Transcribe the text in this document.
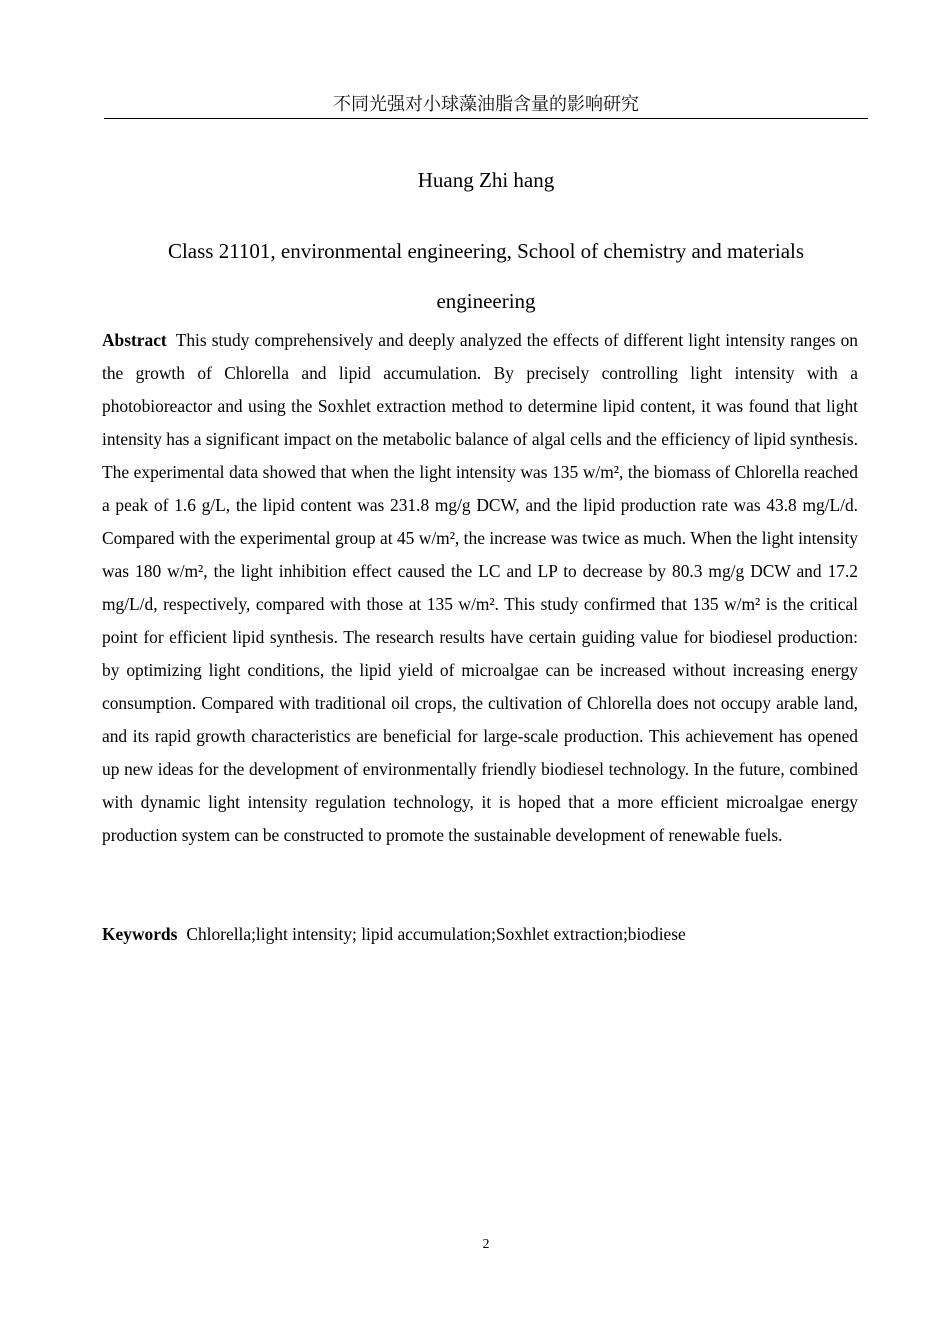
不同光强对小球藻油脂含量的影响研究
Huang Zhi hang
Class 21101, environmental engineering, School of chemistry and materials engineering
Abstract This study comprehensively and deeply analyzed the effects of different light intensity ranges on the growth of Chlorella and lipid accumulation. By precisely controlling light intensity with a photobioreactor and using the Soxhlet extraction method to determine lipid content, it was found that light intensity has a significant impact on the metabolic balance of algal cells and the efficiency of lipid synthesis. The experimental data showed that when the light intensity was 135 w/m², the biomass of Chlorella reached a peak of 1.6 g/L, the lipid content was 231.8 mg/g DCW, and the lipid production rate was 43.8 mg/L/d. Compared with the experimental group at 45 w/m², the increase was twice as much. When the light intensity was 180 w/m², the light inhibition effect caused the LC and LP to decrease by 80.3 mg/g DCW and 17.2 mg/L/d, respectively, compared with those at 135 w/m². This study confirmed that 135 w/m² is the critical point for efficient lipid synthesis. The research results have certain guiding value for biodiesel production: by optimizing light conditions, the lipid yield of microalgae can be increased without increasing energy consumption. Compared with traditional oil crops, the cultivation of Chlorella does not occupy arable land, and its rapid growth characteristics are beneficial for large-scale production. This achievement has opened up new ideas for the development of environmentally friendly biodiesel technology. In the future, combined with dynamic light intensity regulation technology, it is hoped that a more efficient microalgae energy production system can be constructed to promote the sustainable development of renewable fuels.
Keywords Chlorella;light intensity; lipid accumulation;Soxhlet extraction;biodiese
2
